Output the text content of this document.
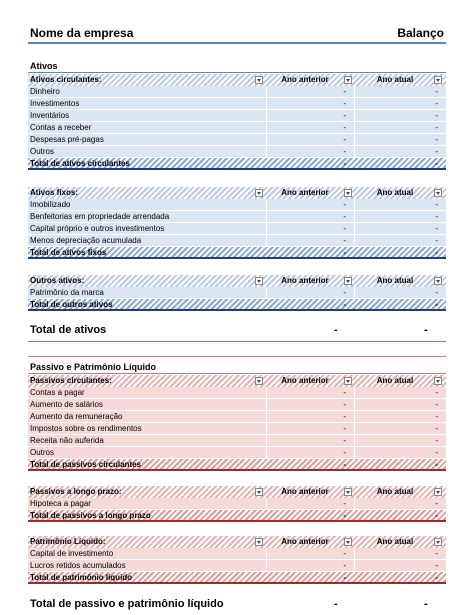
Nome da empresa	Balanço
Ativos
Ativos circulantes:	Ano anterior	Ano atual
Dinheiro	-	-
Investimentos	-	-
Inventários	-	-
Contas a receber	-	-
Despesas pré-pagas	-	-
Outros	-	-
Total de ativos circulantes	-	-
Ativos fixos:	Ano anterior	Ano atual
Imobilizado	-	-
Benfeitorias em propriedade arrendada	-	-
Capital próprio e outros investimentos	-	-
Menos depreciação acumulada	-	-
Total de ativos fixos	-	-
Outros ativos:	Ano anterior	Ano atual
Patrimônio da marca	-	-
Total de outros ativos	-	-
Total de ativos	-	-
Passivo e Patrimônio Líquido
Passivos circulantes:	Ano anterior	Ano atual
Contas a pagar	-	-
Aumento de salários	-	-
Aumento da remuneração	-	-
Impostos sobre os rendimentos	-	-
Receita não auferida	-	-
Outros	-	-
Total de passivos circulantes	-	-
Passivos a longo prazo:	Ano anterior	Ano atual
Hipoteca a pagar	-	-
Total de passivos a longo prazo	-	-
Patrimônio Líquido:	Ano anterior	Ano atual
Capital de investimento	-	-
Lucros retidos acumulados	-	-
Total de patrimônio líquido	-	-
Total de passivo e patrimônio líquido	-	-
